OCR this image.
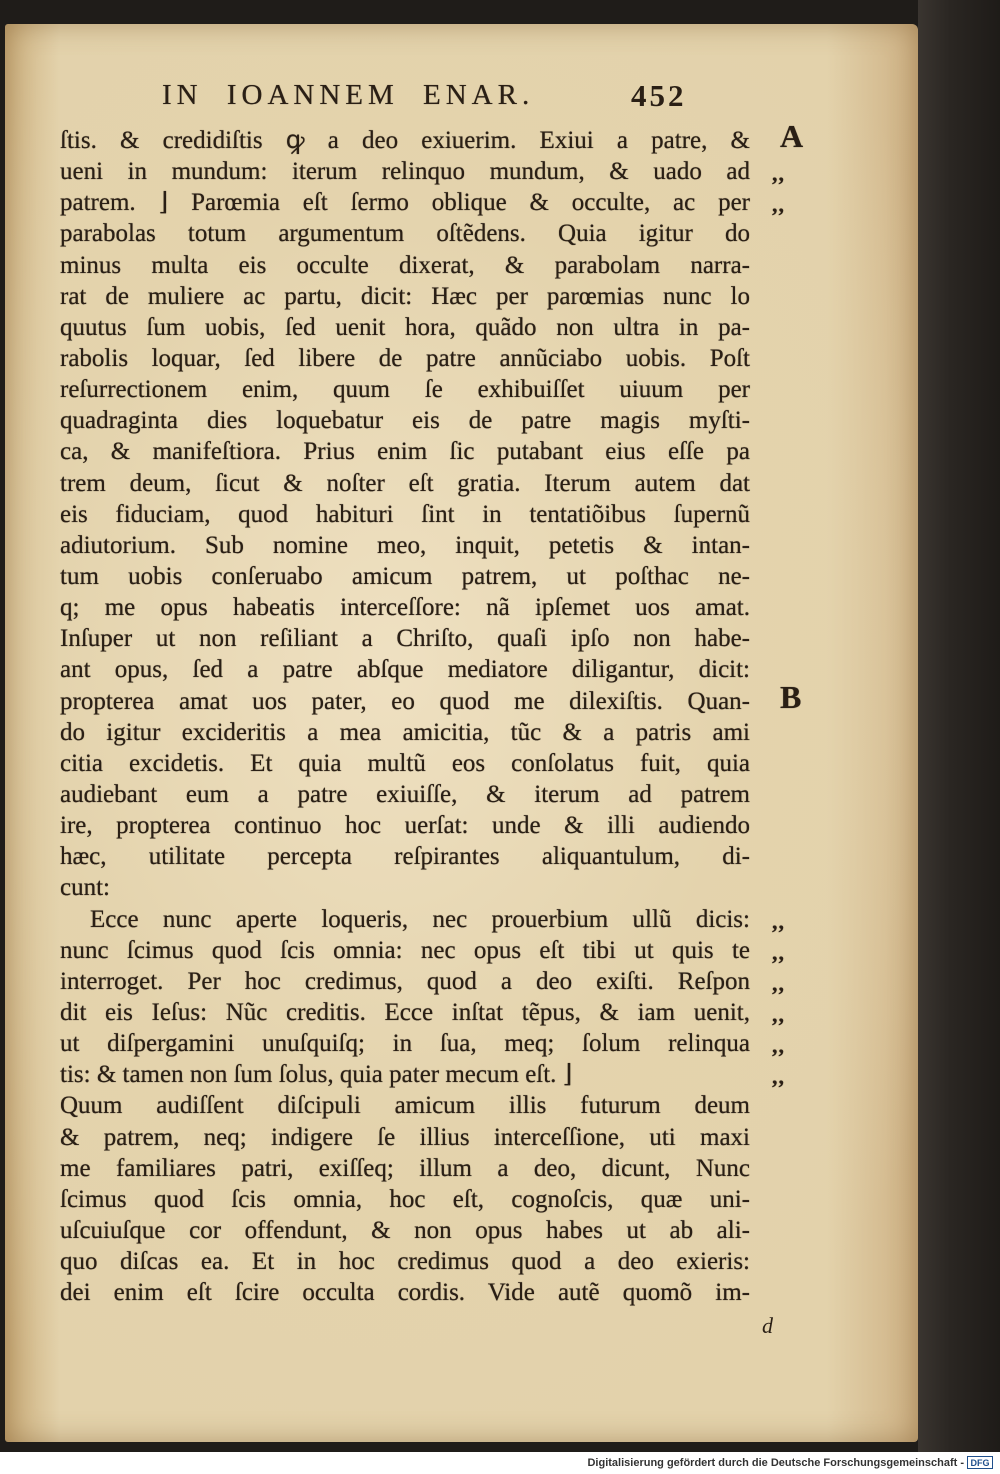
IN IOANNEM ENAR.	452
ſtis. & credidiſtis ꝙ a deo exiuerim. Exiui a patre, & A
ueni in mundum: iterum relinquo mundum, & uado ad ,,
patrem. ⌋ Parœmia eſt ſermo oblique & occulte, ac per ,,
parabolas totum argumentum oſtẽdens. Quia igitur do
minus multa eis occulte dixerat, & parabolam narra-
rat de muliere ac partu, dicit: Hæc per parœmias nunc lo
quutus ſum uobis, ſed uenit hora, quãdo non ultra in pa-
rabolis loquar, ſed libere de patre annũciabo uobis. Poſt
reſurrectionem enim, quum ſe exhibuiſſet uiuum per
quadraginta dies loquebatur eis de patre magis myſti-
ca, & manifeſtiora. Prius enim ſic putabant eius eſſe pa
trem deum, ſicut & noſter eſt gratia. Iterum autem dat
eis fiduciam, quod habituri ſint in tentatiõibus ſupernũ
adiutorium. Sub nomine meo, inquit, petetis & intan-
tum uobis conſeruabo amicum patrem, ut poſthac ne-
q; me opus habeatis interceſſore: nã ipſemet uos amat.
Inſuper ut non reſiliant a Chriſto, quaſi ipſo non habe-
ant opus, ſed a patre abſque mediatore diligantur, dicit:
propterea amat uos pater, eo quod me dilexiſtis. Quan- B
do igitur excideritis a mea amicitia, tũc & a patris ami
citia excidetis. Et quia multũ eos conſolatus fuit, quia
audiebant eum a patre exiuiſſe, & iterum ad patrem
ire, propterea continuo hoc uerſat: unde & illi audiendo
hæc, utilitate percepta reſpirantes aliquantulum, di-
cunt:
Ecce nunc aperte loqueris, nec prouerbium ullũ dicis: ,,
nunc ſcimus quod ſcis omnia: nec opus eſt tibi ut quis te ,,
interroget. Per hoc credimus, quod a deo exiſti. Reſpon ,,
dit eis Ieſus: Nũc creditis. Ecce inſtat tẽpus, & iam uenit, ,,
ut diſpergamini unuſquiſq; in ſua, meq; ſolum relinqua ,,
tis: & tamen non ſum ſolus, quia pater mecum eſt. ⌋	,,
Quum audiſſent diſcipuli amicum illis futurum deum
& patrem, neq; indigere ſe illius interceſſione, uti maxi
me familiares patri, exiſſeq; illum a deo, dicunt, Nunc
ſcimus quod ſcis omnia, hoc eſt, cognoſcis, quæ uni-
uſcuiuſque cor offendunt, & non opus habes ut ab ali-
quo diſcas ea. Et in hoc credimus quod a deo exieris:
dei enim eſt ſcire occulta cordis. Vide autẽ quomõ im-
d
Digitalisierung gefördert durch die Deutsche Forschungsgemeinschaft - DFG
